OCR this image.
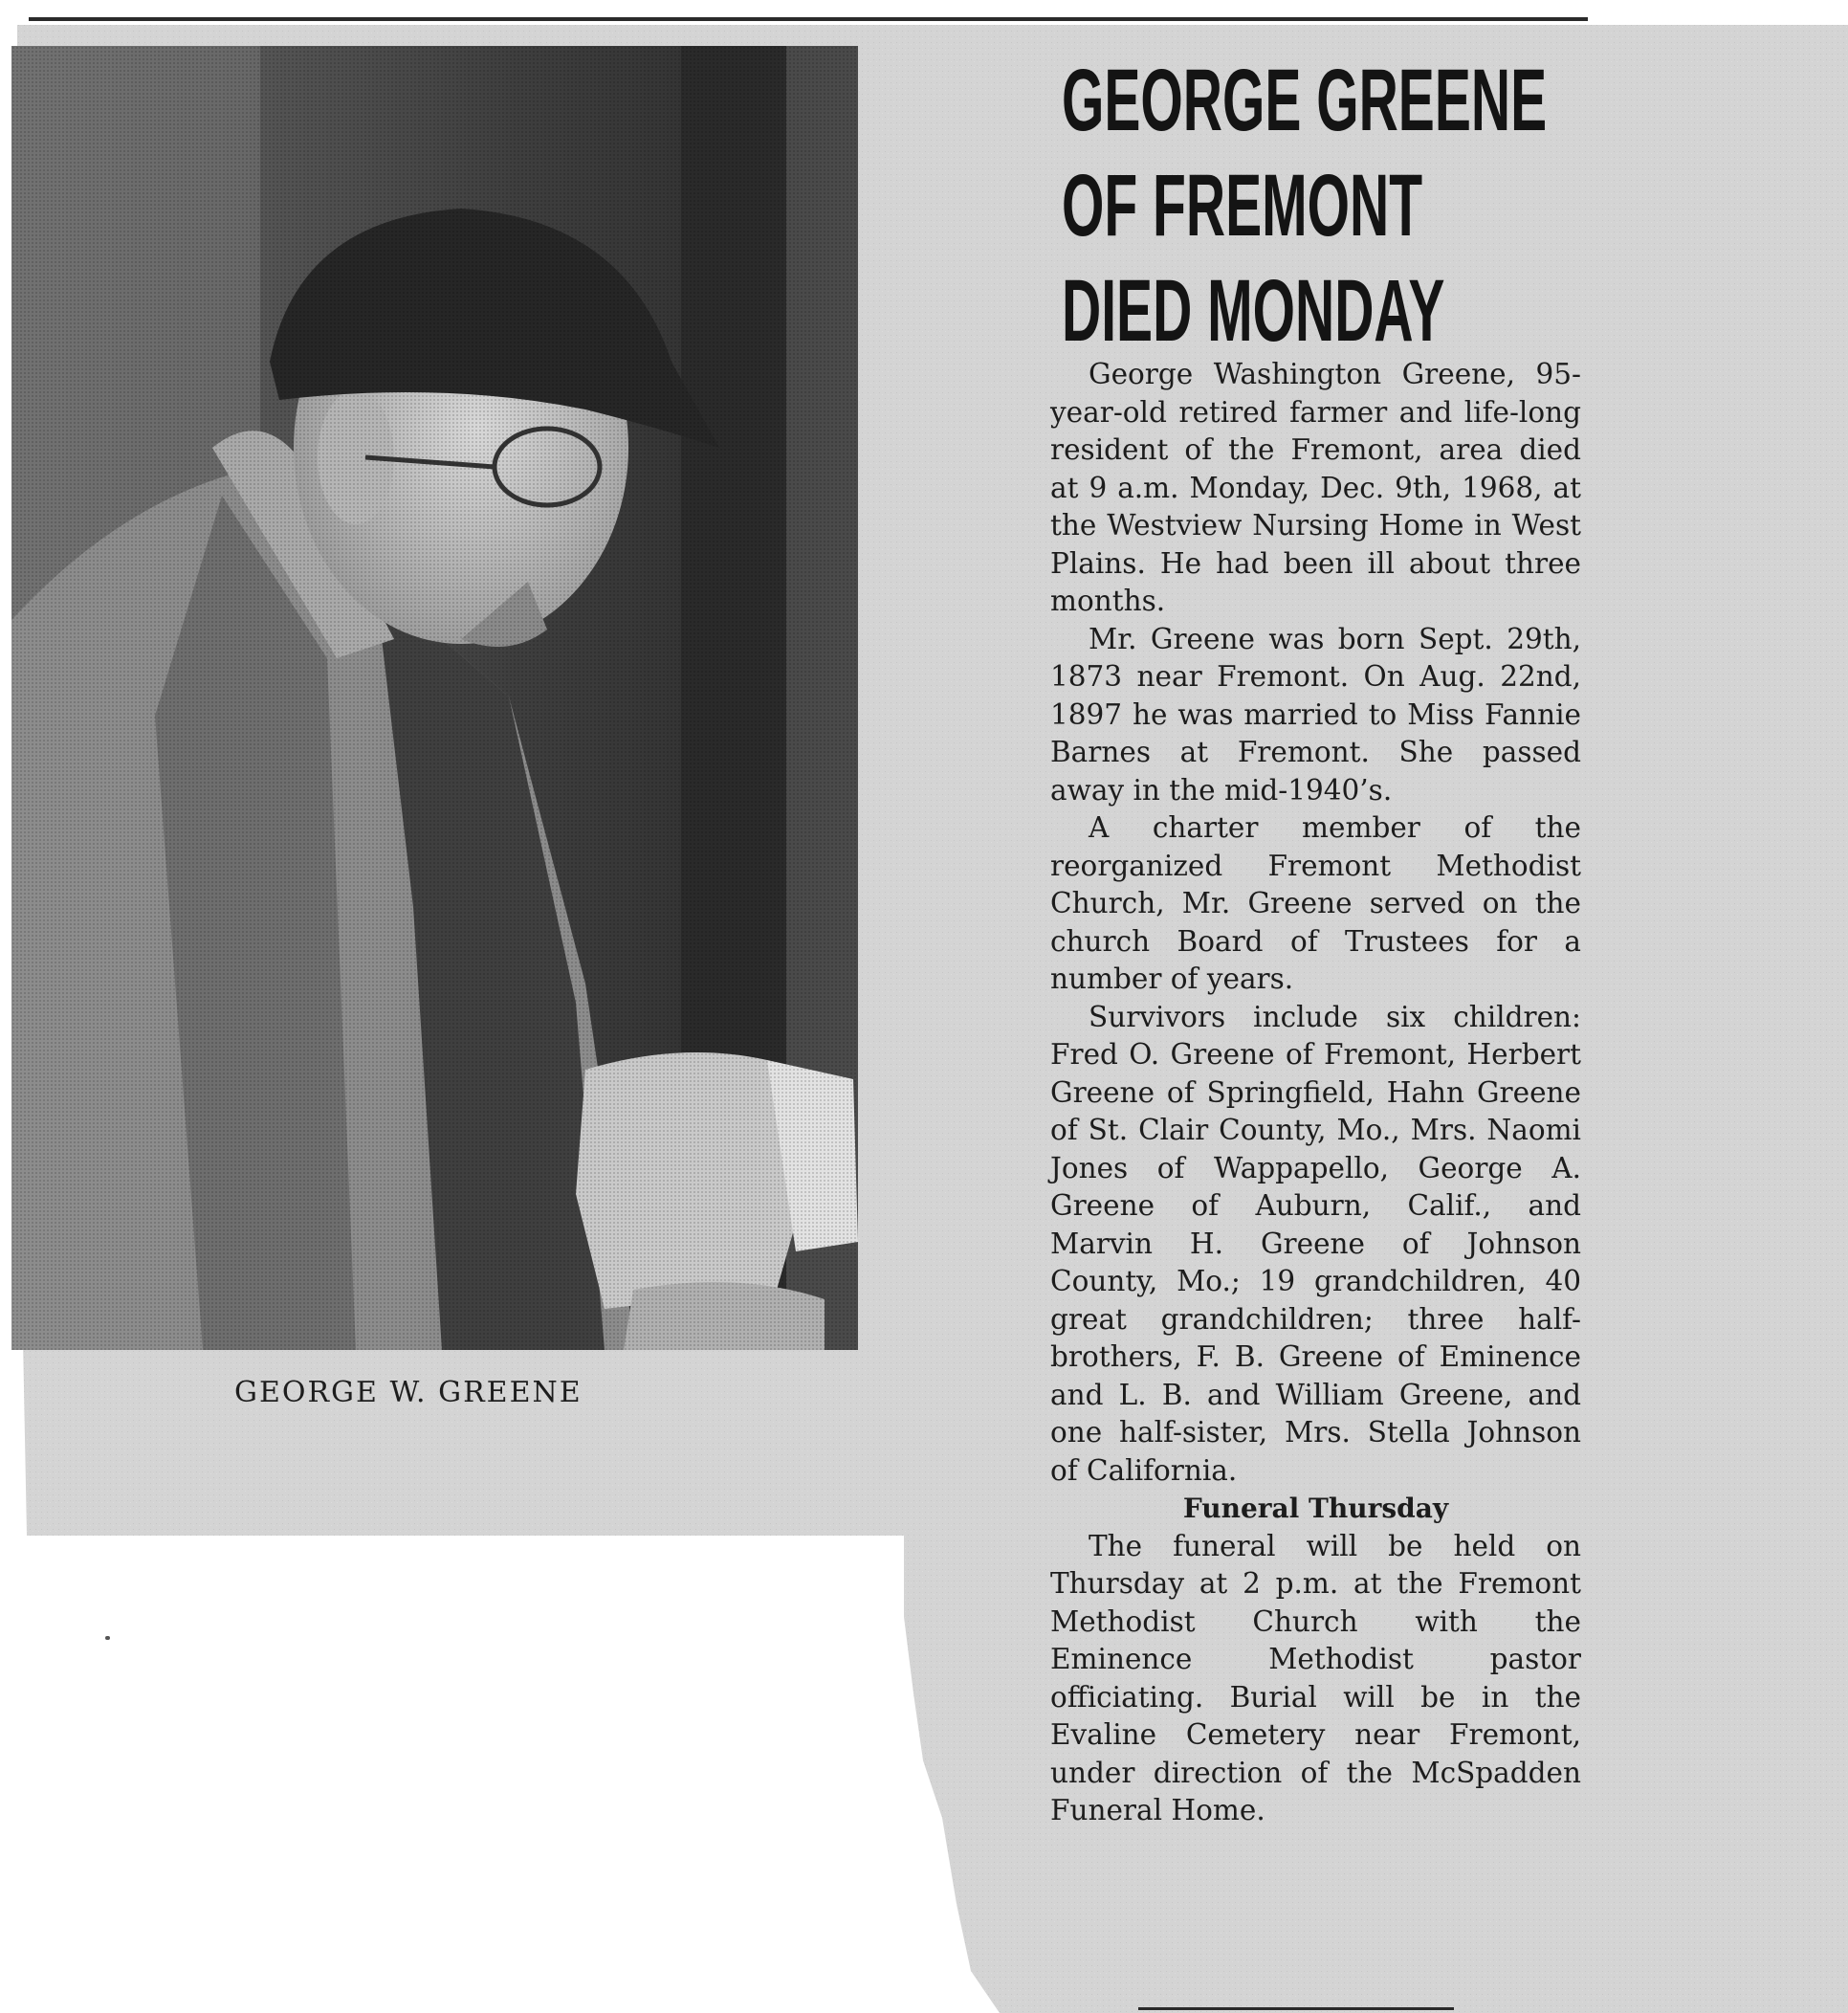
GEORGE W. GREENE
GEORGE GREENE
OF FREMONT
DIED MONDAY

George Washington Greene, 95-year-old retired farmer and life-long resident of the Fremont, area died at 9 a.m. Monday, Dec. 9th, 1968, at the Westview Nursing Home in West Plains. He had been ill about three months.

Mr. Greene was born Sept. 29th, 1873 near Fremont. On Aug. 22nd, 1897 he was married to Miss Fannie Barnes at Fremont. She passed away in the mid-1940’s.

A charter member of the reorganized Fremont Methodist Church, Mr. Greene served on the church Board of Trustees for a number of years.

Survivors include six children: Fred O. Greene of Fremont, Herbert Greene of Springfield, Hahn Greene of St. Clair County, Mo., Mrs. Naomi Jones of Wappapello, George A. Greene of Auburn, Calif., and Marvin H. Greene of Johnson County, Mo.; 19 grandchildren, 40 great grandchildren; three half-brothers, F. B. Greene of Eminence and L. B. and William Greene, and one half-sister, Mrs. Stella Johnson of California.

Funeral Thursday

The funeral will be held on Thursday at 2 p.m. at the Fremont Methodist Church with the Eminence Methodist pastor officiating. Burial will be in the Evaline Cemetery near Fremont, under direction of the McSpadden Funeral Home.
